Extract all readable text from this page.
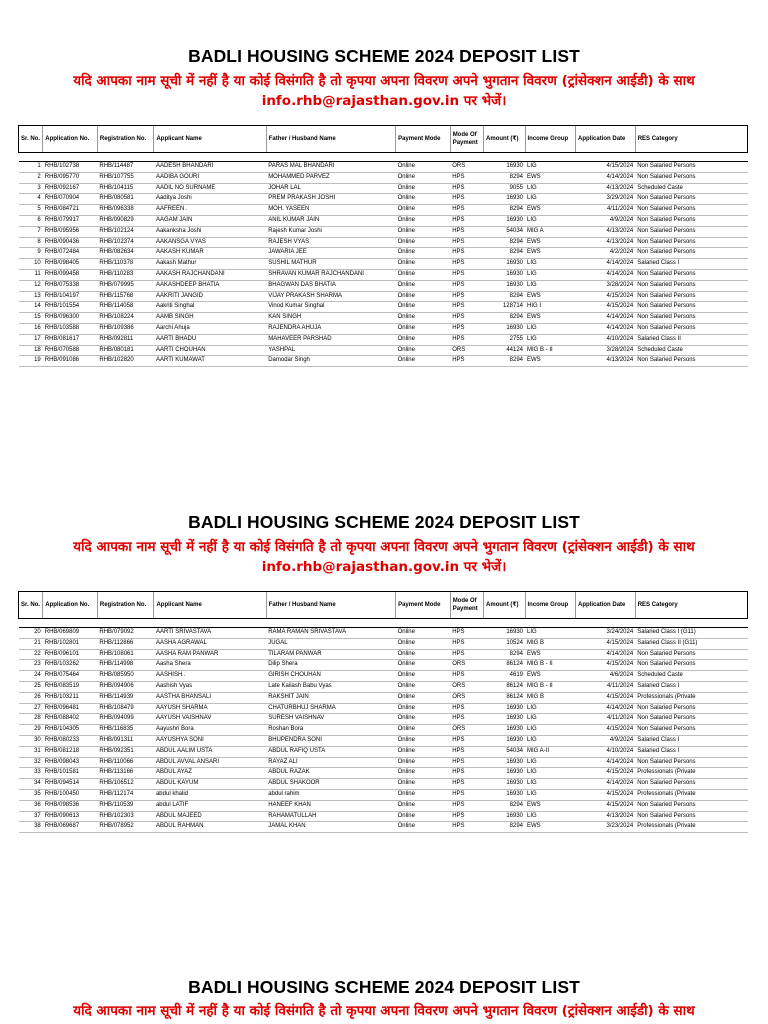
BADLI HOUSING SCHEME 2024 DEPOSIT LIST
यदि आपका नाम सूची में नहीं है या कोई विसंगति है तो कृपया अपना विवरण अपने भुगतान विवरण (ट्रांसेक्शन आईडी) के साथ
info.rhb@rajasthan.gov.in पर भेजें।
Sr. No.	Application No.	Registration No.	Applicant Name	Father / Husband Name	Payment Mode	Mode Of Payment	Amount (₹)	Income Group	Application Date	RES Category

1	RHB/102738	RHB/114487	AADESH BHANDARI	PARAS MAL BHANDARI	Online	ORS	16930	LIG	4/15/2024	Non Salaried Persons
2	RHB/095770	RHB/107755	AADIBA GOURI	MOHAMMED PARVEZ	Online	HPS	8294	EWS	4/14/2024	Non Salaried Persons
3	RHB/092167	RHB/104115	AADIL NO SURNAME	JOHAR LAL	Online	HPS	9055	LIG	4/13/2024	Scheduled Caste
4	RHB/070904	RHB/080581	Aaditya Joshi	PREM PRAKASH JOSHI	Online	HPS	16930	LIG	3/29/2024	Non Salaried Persons
5	RHB/084721	RHB/096338	AAFREEN .	MOH. YASEEN	Online	HPS	8294	EWS	4/11/2024	Non Salaried Persons
6	RHB/079917	RHB/090829	AAGAM JAIN	ANIL KUMAR JAIN	Online	HPS	16930	LIG	4/9/2024	Non Salaried Persons
7	RHB/095956	RHB/102124	Aakanksha Joshi	Rajesh Kumar Joshi	Online	HPS	54034	MIG A	4/13/2024	Non Salaried Persons
8	RHB/090436	RHB/102374	AAKANSGA VYAS	RAJESH VYAS	Online	HPS	8294	EWS	4/13/2024	Non Salaried Persons
9	RHB/072484	RHB/082634	AAKASH KUMAR	JAWARIA JEE	Online	HPS	8294	EWS	4/2/2024	Non Salaried Persons
10	RHB/098405	RHB/110378	Aakash Mathur	SUSHIL MATHUR	Online	HPS	16930	LIG	4/14/2024	Salaried Class I
11	RHB/099458	RHB/110283	AAKASH RAJCHANDANI	SHRAVAN KUMAR RAJCHANDANI	Online	HPS	16930	LIG	4/14/2024	Non Salaried Persons
12	RHB/075338	RHB/079995	AAKASHDEEP BHATIA	BHAGWAN DAS BHATIA	Online	HPS	16930	LIG	3/28/2024	Non Salaried Persons
13	RHB/104197	RHB/115768	AAKRITI JANGID	VIJAY PRAKASH SHARMA	Online	HPS	8294	EWS	4/15/2024	Non Salaried Persons
14	RHB/101554	RHB/114058	Aakriti Singhal	Vinod Kumar Singhal	Online	HPS	128714	HIG I	4/15/2024	Non Salaried Persons
15	RHB/096300	RHB/108224	AAMB SINGH	KAN SINGH	Online	HPS	8294	EWS	4/14/2024	Non Salaried Persons
16	RHB/103588	RHB/109386	Aarchi Ahuja	RAJENDRA AHUJA	Online	HPS	16930	LIG	4/14/2024	Non Salaried Persons
17	RHB/081617	RHB/092811	AARTI BHADU	MAHAVEER PARSHAD	Online	HPS	2755	LIG	4/10/2024	Salaried Class II
18	RHB/070588	RHB/080181	AARTI CHOUHAN	YASHPAL	Online	ORS	44124	MIG B - II	3/28/2024	Scheduled Caste
19	RHB/091086	RHB/102820	AARTI KUMAWAT	Damodar Singh	Online	HPS	8294	EWS	4/13/2024	Non Salaried Persons
BADLI HOUSING SCHEME 2024 DEPOSIT LIST
यदि आपका नाम सूची में नहीं है या कोई विसंगति है तो कृपया अपना विवरण अपने भुगतान विवरण (ट्रांसेक्शन आईडी) के साथ
info.rhb@rajasthan.gov.in पर भेजें।
Sr. No.	Application No.	Registration No.	Applicant Name	Father / Husband Name	Payment Mode	Mode Of Payment	Amount (₹)	Income Group	Application Date	RES Category

20	RHB/069809	RHB/079092	AARTI SRIVASTAVA	RAMA RAMAN SRIVASTAVA	Online	HPS	16930	LIG	3/24/2024	Salaried Class I (G11)
21	RHB/102801	RHB/112866	AASHA AGRAWAL	JUGAL	Online	HPS	10524	MIG B	4/15/2024	Salaried Class II (G11)
22	RHB/096101	RHB/108061	AASHA RAM PANWAR	TILARAM PANWAR	Online	HPS	8294	EWS	4/14/2024	Non Salaried Persons
23	RHB/103262	RHB/114998	Aasha Shera	Dilip Shera	Online	ORS	86124	MIG B - II	4/15/2024	Non Salaried Persons
24	RHB/075464	RHB/085950	AASHISH .	GIRISH CHOUHAN	Online	HPS	4619	EWS	4/6/2024	Scheduled Caste
25	RHB/083519	RHB/094906	Aashish Vyas	Late Kailash Babu Vyas	Online	ORS	86124	MIG B - II	4/11/2024	Salaried Class I
26	RHB/103211	RHB/114939	AASTHA BHANSALI	RAKSHIT JAIN	Online	ORS	86124	MIG B	4/15/2024	Professionals (Private
27	RHB/096481	RHB/108479	AAYUSH SHARMA	CHATURBHUJ SHARMA	Online	HPS	16930	LIG	4/14/2024	Non Salaried Persons
28	RHB/088402	RHB/094099	AAYUSH VAISHNAV	SURESH VAISHNAV	Online	HPS	16930	LIG	4/11/2024	Non Salaried Persons
29	RHB/104305	RHB/116835	Aayushri Bora	Roshan Bora	Online	ORS	16930	LIG	4/15/2024	Non Salaried Persons
30	RHB/080233	RHB/091311	AAYUSHYA SONI	BHUPENDRA SONI	Online	HPS	16930	LIG	4/9/2024	Salaried Class I
31	RHB/081218	RHB/092351	ABDUL AALIM USTA	ABDUL RAFIQ USTA	Online	HPS	54034	MIG A-II	4/10/2024	Salaried Class I
32	RHB/098043	RHB/110066	ABDUL AVVAL ANSARI	RAYAZ ALI	Online	HPS	16930	LIG	4/14/2024	Non Salaried Persons
33	RHB/101581	RHB/113166	ABDUL AYAZ	ABDUL RAZAK	Online	HPS	16930	LIG	4/15/2024	Professionals (Private
34	RHB/094514	RHB/106512	ABDUL KAYUM	ABDUL SHAKOOR	Online	HPS	16930	LIG	4/14/2024	Non Salaried Persons
35	RHB/100450	RHB/112174	abdul khalid	abdul rahim	Online	HPS	16930	LIG	4/15/2024	Professionals (Private
36	RHB/098536	RHB/110539	abdul LATIF	HANEEF KHAN	Online	HPS	8294	EWS	4/15/2024	Non Salaried Persons
37	RHB/090613	RHB/102303	ABDUL MAJEED	RAHAMATULLAH	Online	HPS	16930	LIG	4/13/2024	Non Salaried Persons
38	RHB/069687	RHB/078952	ABDUL RAHMAN	JAMAL KHAN	Online	HPS	8294	EWS	3/23/2024	Professionals (Private
BADLI HOUSING SCHEME 2024 DEPOSIT LIST
यदि आपका नाम सूची में नहीं है या कोई विसंगति है तो कृपया अपना विवरण अपने भुगतान विवरण (ट्रांसेक्शन आईडी) के साथ
